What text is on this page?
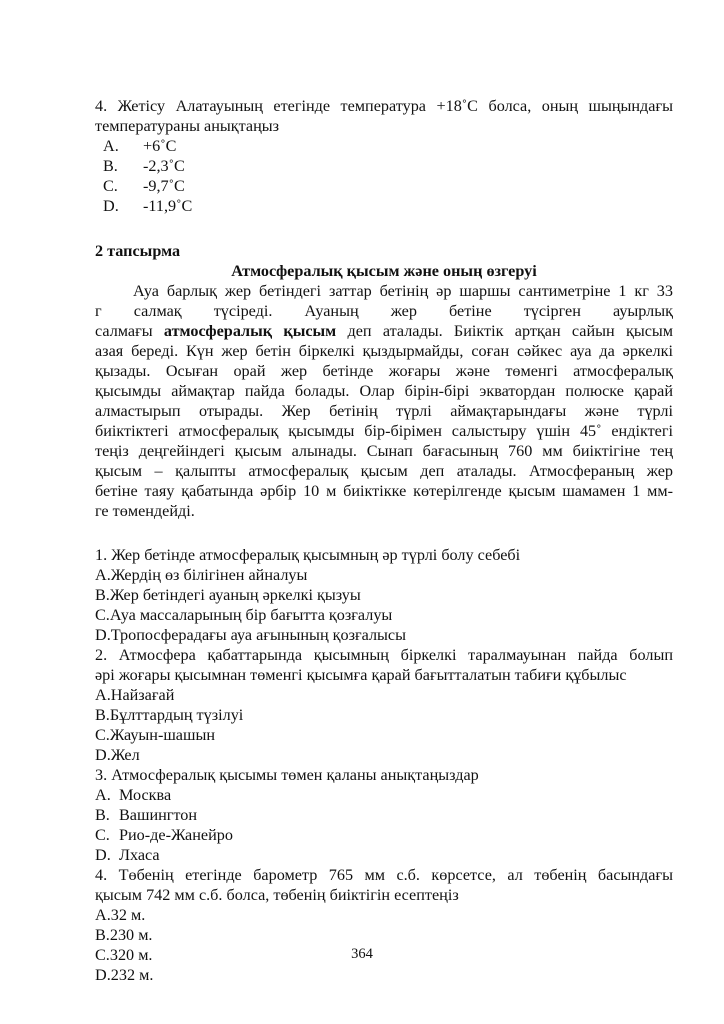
4. Жетісу Алатауының етегінде температура +18˚С болса, оның шыңындағы
температураны анықтаңыз
A. +6˚С
B. -2,3˚С
C. -9,7˚С
D. -11,9˚С
2 тапсырма
Атмосфералық қысым және оның өзгеруі
Ауа барлық жер бетіндегі заттар бетінің әр шаршы сантиметріне 1 кг 33
г салмақ түсіреді. Ауаның жер бетіне түсірген ауырлық
салмағы атмосфералық қысым деп аталады. Биіктік артқан сайын қысым
азая береді. Күн жер бетін біркелкі қыздырмайды, соған сәйкес ауа да әркелкі
қызады. Осыған орай жер бетінде жоғары және төменгі атмосфералық
қысымды аймақтар пайда болады. Олар бірін-бірі экватордан полюске қарай
алмастырып отырады. Жер бетінің түрлі аймақтарындағы және түрлі
биіктіктегі атмосфералық қысымды бір-бірімен салыстыру үшін 45˚ ендіктегі
теңіз деңгейіндегі қысым алынады. Сынап бағасының 760 мм биіктігіне тең
қысым – қалыпты атмосфералық қысым деп аталады. Атмосфераның жер
бетіне таяу қабатында әрбір 10 м биіктікке көтерілгенде қысым шамамен 1 мм-
ге төмендейді.
1. Жер бетінде атмосфералық қысымның әр түрлі болу себебі
A.Жердің өз білігінен айналуы
B.Жер бетіндегі ауаның әркелкі қызуы
C.Ауа массаларының бір бағытта қозғалуы
D.Тропосферадағы ауа ағынының қозғалысы
2. Атмосфера қабаттарында қысымның біркелкі таралмауынан пайда болып
әрі жоғары қысымнан төменгі қысымға қарай бағытталатын табиғи құбылыс
A.Найзағай
B.Бұлттардың түзілуі
C.Жауын-шашын
D.Жел
3. Атмосфералық қысымы төмен қаланы анықтаңыздар
A. Москва
B. Вашингтон
C. Рио-де-Жанейро
D. Лхаса
4. Төбенің етегінде барометр 765 мм с.б. көрсетсе, ал төбенің басындағы
қысым 742 мм с.б. болса, төбенің биіктігін есептеңіз
A.32 м.
B.230 м.
C.320 м.
D.232 м.
364
